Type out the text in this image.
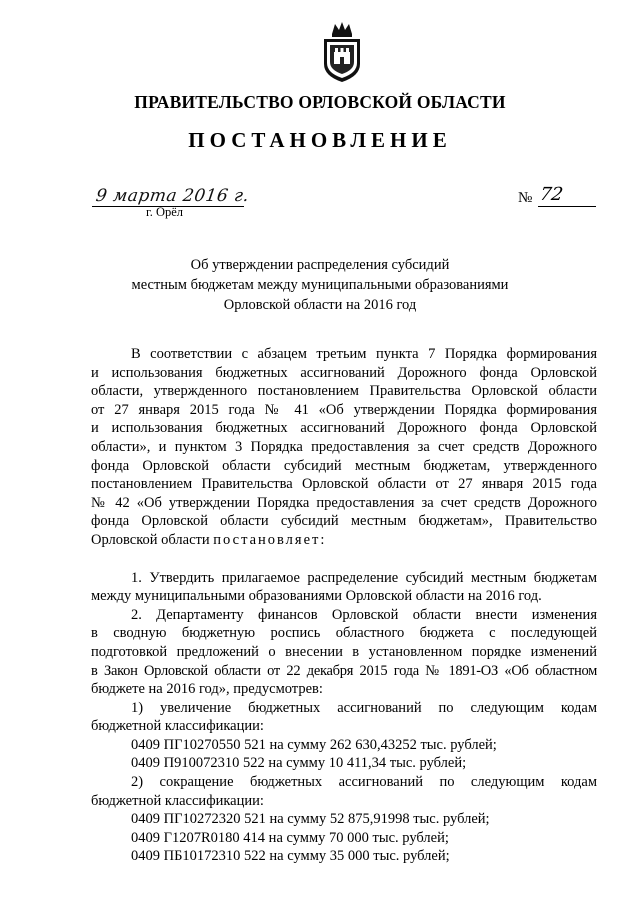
ПРАВИТЕЛЬСТВО ОРЛОВСКОЙ ОБЛАСТИ
ПОСТАНОВЛЕНИЕ
9 марта 2016 г.
г. Орёл
№ 72
Об утверждении распределения субсидий
местным бюджетам между муниципальными образованиями
Орловской области на 2016 год
В соответствии с абзацем третьим пункта 7 Порядка формирования
и использования бюджетных ассигнований Дорожного фонда Орловской
области, утвержденного постановлением Правительства Орловской области
от 27 января 2015 года № 41 «Об утверждении Порядка формирования
и использования бюджетных ассигнований Дорожного фонда Орловской
области», и пунктом 3 Порядка предоставления за счет средств Дорожного
фонда Орловской области субсидий местным бюджетам, утвержденного
постановлением Правительства Орловской области от 27 января 2015 года
№ 42 «Об утверждении Порядка предоставления за счет средств Дорожного
фонда Орловской области субсидий местным бюджетам», Правительство
Орловской области постановляет:
1. Утвердить прилагаемое распределение субсидий местным бюджетам
между муниципальными образованиями Орловской области на 2016 год.
2. Департаменту финансов Орловской области внести изменения
в сводную бюджетную роспись областного бюджета с последующей
подготовкой предложений о внесении в установленном порядке изменений
в Закон Орловской области от 22 декабря 2015 года № 1891-ОЗ «Об областном
бюджете на 2016 год», предусмотрев:
1) увеличение бюджетных ассигнований по следующим кодам
бюджетной классификации:
0409 ПГ10270550 521 на сумму 262 630,43252 тыс. рублей;
0409 П910072310 522 на сумму 10 411,34 тыс. рублей;
2) сокращение бюджетных ассигнований по следующим кодам
бюджетной классификации:
0409 ПГ10272320 521 на сумму 52 875,91998 тыс. рублей;
0409 Г1207R0180 414 на сумму 70 000 тыс. рублей;
0409 ПБ10172310 522 на сумму 35 000 тыс. рублей;
